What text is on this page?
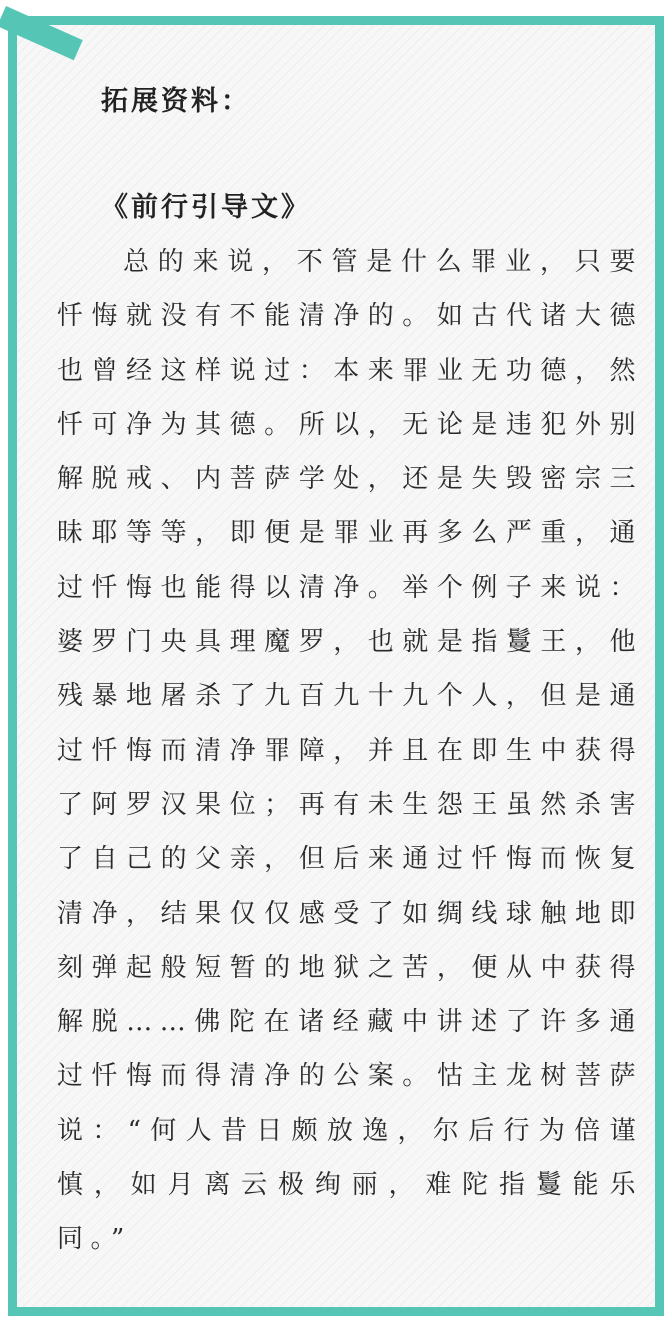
拓展资料：
《前行引导文》

总的来说，不管是什么罪业，只要忏悔就没有不能清净的。如古代诸大德也曾经这样说过：本来罪业无功德，然忏可净为其德。所以，无论是违犯外别解脱戒、内菩萨学处，还是失毁密宗三昧耶等等，即便是罪业再多么严重，通过忏悔也能得以清净。举个例子来说：婆罗门央具理魔罗，也就是指鬘王，他残暴地屠杀了九百九十九个人，但是通过忏悔而清净罪障，并且在即生中获得了阿罗汉果位；再有未生怨王虽然杀害了自己的父亲，但后来通过忏悔而恢复清净，结果仅仅感受了如绸线球触地即刻弹起般短暂的地狱之苦，便从中获得解脱……佛陀在诸经藏中讲述了许多通过忏悔而得清净的公案。怙主龙树菩萨说：“何人昔日颇放逸，尔后行为倍谨慎，如月离云极绚丽，难陀指鬘能乐同。”
